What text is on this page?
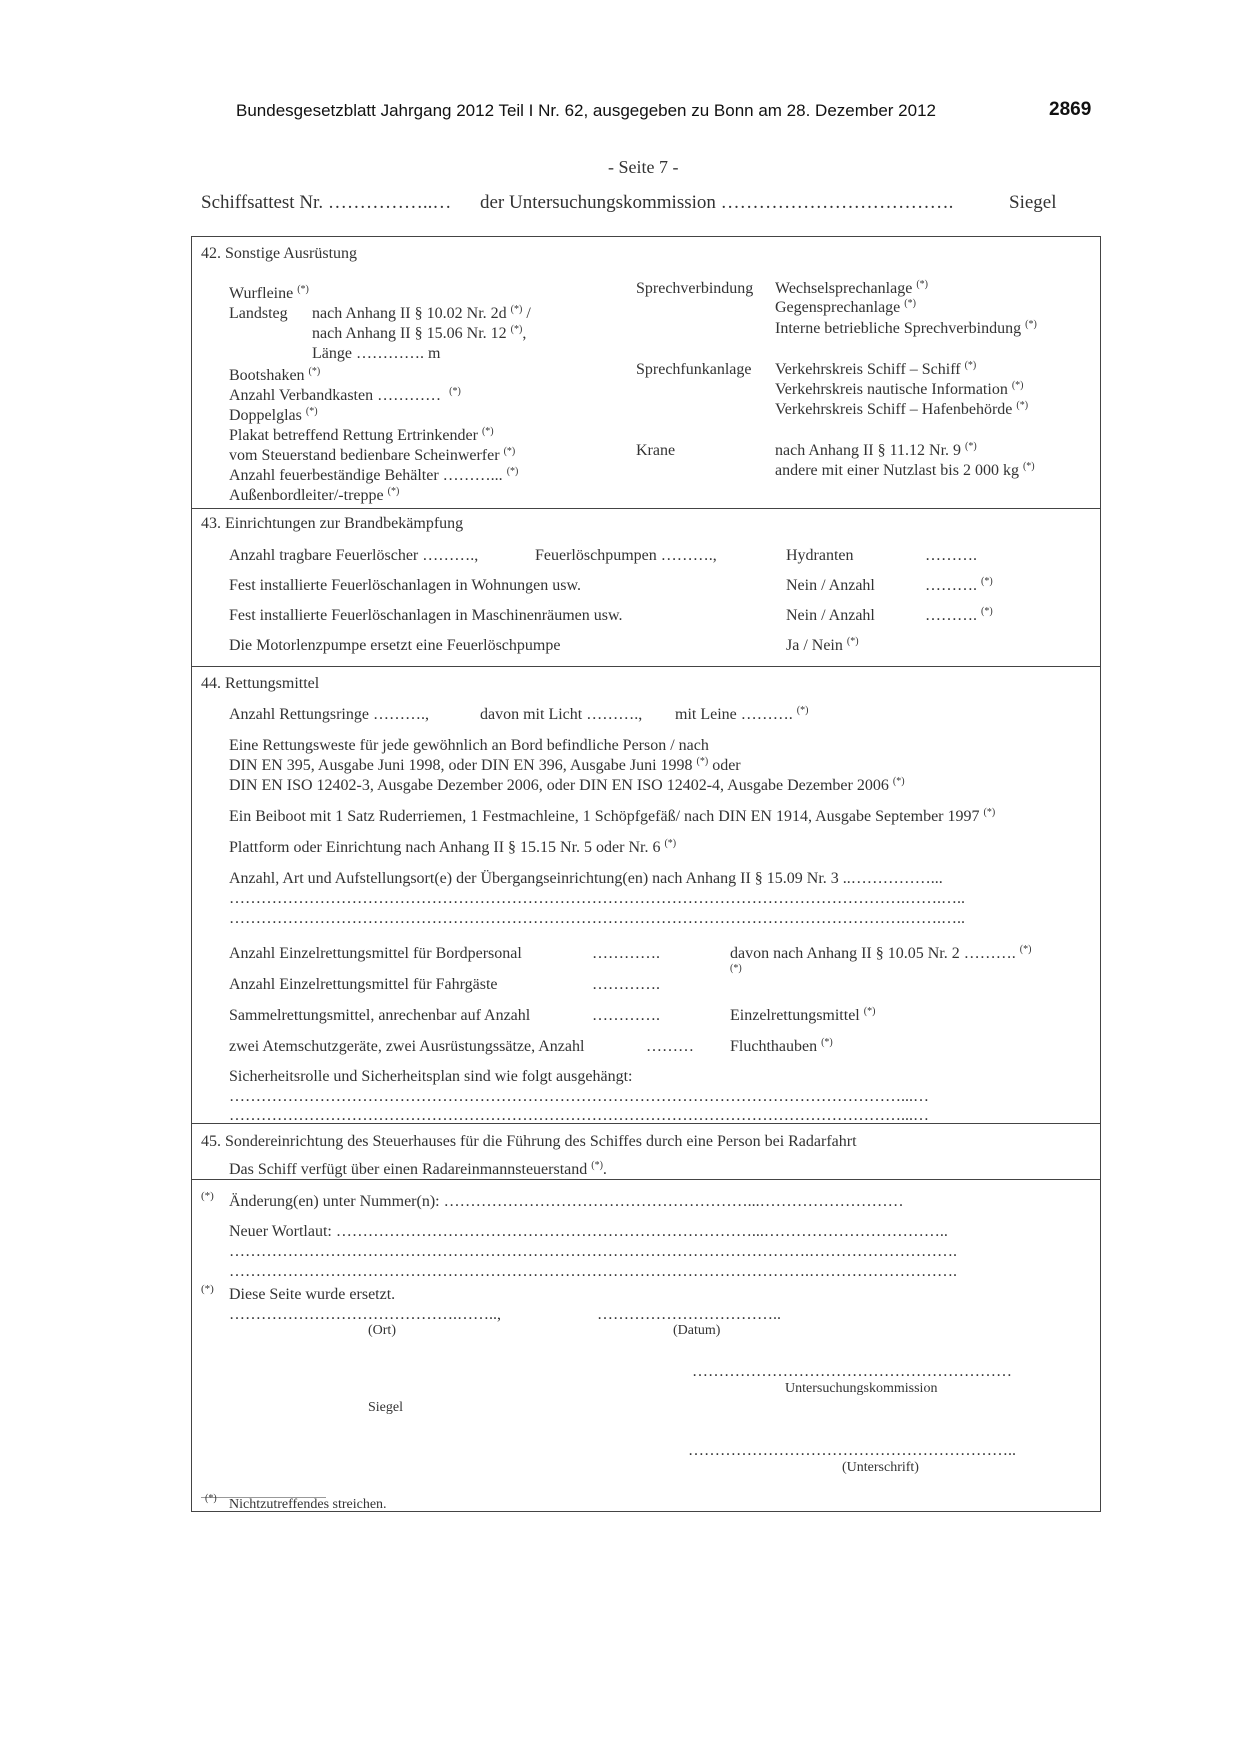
Bundesgesetzblatt Jahrgang 2012 Teil I Nr. 62, ausgegeben zu Bonn am 28. Dezember 2012	2869
- Seite 7 -
Schiffsattest Nr. ……………..… der Untersuchungskommission ……………………………….	Siegel
42. Sonstige Ausrüstung
Wurfleine (*)
Landsteg nach Anhang II § 10.02 Nr. 2d (*) /
nach Anhang II § 15.06 Nr. 12 (*),
Länge …………. m
Bootshaken (*)
Anzahl Verbandkasten ………… (*)
Doppelglas (*)
Plakat betreffend Rettung Ertrinkender (*)
vom Steuerstand bedienbare Scheinwerfer (*)
Anzahl feuerbeständige Behälter ………... (*)
Außenbordleiter/-treppe (*)
Sprechverbindung Wechselsprechanlage (*)
Gegensprechanlage (*)
Interne betriebliche Sprechverbindung (*)
Sprechfunkanlage Verkehrskreis Schiff – Schiff (*)
Verkehrskreis nautische Information (*)
Verkehrskreis Schiff – Hafenbehörde (*)
Krane	nach Anhang II § 11.12 Nr. 9 (*)
andere mit einer Nutzlast bis 2 000 kg (*)
43. Einrichtungen zur Brandbekämpfung
Anzahl tragbare Feuerlöscher ……….,	Feuerlöschpumpen ……….,	Hydranten	……….
Fest installierte Feuerlöschanlagen in Wohnungen usw.	Nein / Anzahl	………. (*)
Fest installierte Feuerlöschanlagen in Maschinenräumen usw.	Nein / Anzahl	………. (*)
Die Motorlenzpumpe ersetzt eine Feuerlöschpumpe	Ja / Nein (*)
44. Rettungsmittel
Anzahl Rettungsringe ……….,	davon mit Licht ………., mit Leine ………. (*)
Eine Rettungsweste für jede gewöhnlich an Bord befindliche Person / nach
DIN EN 395, Ausgabe Juni 1998, oder DIN EN 396, Ausgabe Juni 1998 (*) oder
DIN EN ISO 12402-3, Ausgabe Dezember 2006, oder DIN EN ISO 12402-4, Ausgabe Dezember 2006 (*)
Ein Beiboot mit 1 Satz Ruderriemen, 1 Festmachleine, 1 Schöpfgefäß/ nach DIN EN 1914, Ausgabe September 1997 (*)
Plattform oder Einrichtung nach Anhang II § 15.15 Nr. 5 oder Nr. 6 (*)
Anzahl, Art und Aufstellungsort(e) der Übergangseinrichtung(en) nach Anhang II § 15.09 Nr. 3 ..……………...
……………………………………………………………………………………………………………….…….…..
……………………………………………………………………………………………………………….…….…..
Anzahl Einzelrettungsmittel für Bordpersonal	………….	davon nach Anhang II § 10.05 Nr. 2 ………. (*)
Anzahl Einzelrettungsmittel für Fahrgäste	………….
(*)
Sammelrettungsmittel, anrechenbar auf Anzahl	………….	Einzelrettungsmittel (*)
zwei Atemschutzgeräte, zwei Ausrüstungssätze, Anzahl	……… Fluchthauben (*)
Sicherheitsrolle und Sicherheitsplan sind wie folgt ausgehängt:
………………………………………………………………………………………………………………...…
………………………………………………………………………………………………………………...…
45. Sondereinrichtung des Steuerhauses für die Führung des Schiffes durch eine Person bei Radarfahrt
Das Schiff verfügt über einen Radareinmannsteuerstand (*).
(*) Änderung(en) unter Nummer(n): …………………………………………………...………………………
Neuer Wortlaut: ……………………………………………………………………...……………………………..
……………………………………………………………………………………………….……………………….
……………………………………………………………………………………………….……………………….
(*) Diese Seite wurde ersetzt.
…………………………………….……..,	……………………………..
(Ort)	(Datum)
……………………………………………………
Untersuchungskommission
Siegel
……………………………………………………..
(Unterschrift)
(*) Nichtzutreffendes streichen.
